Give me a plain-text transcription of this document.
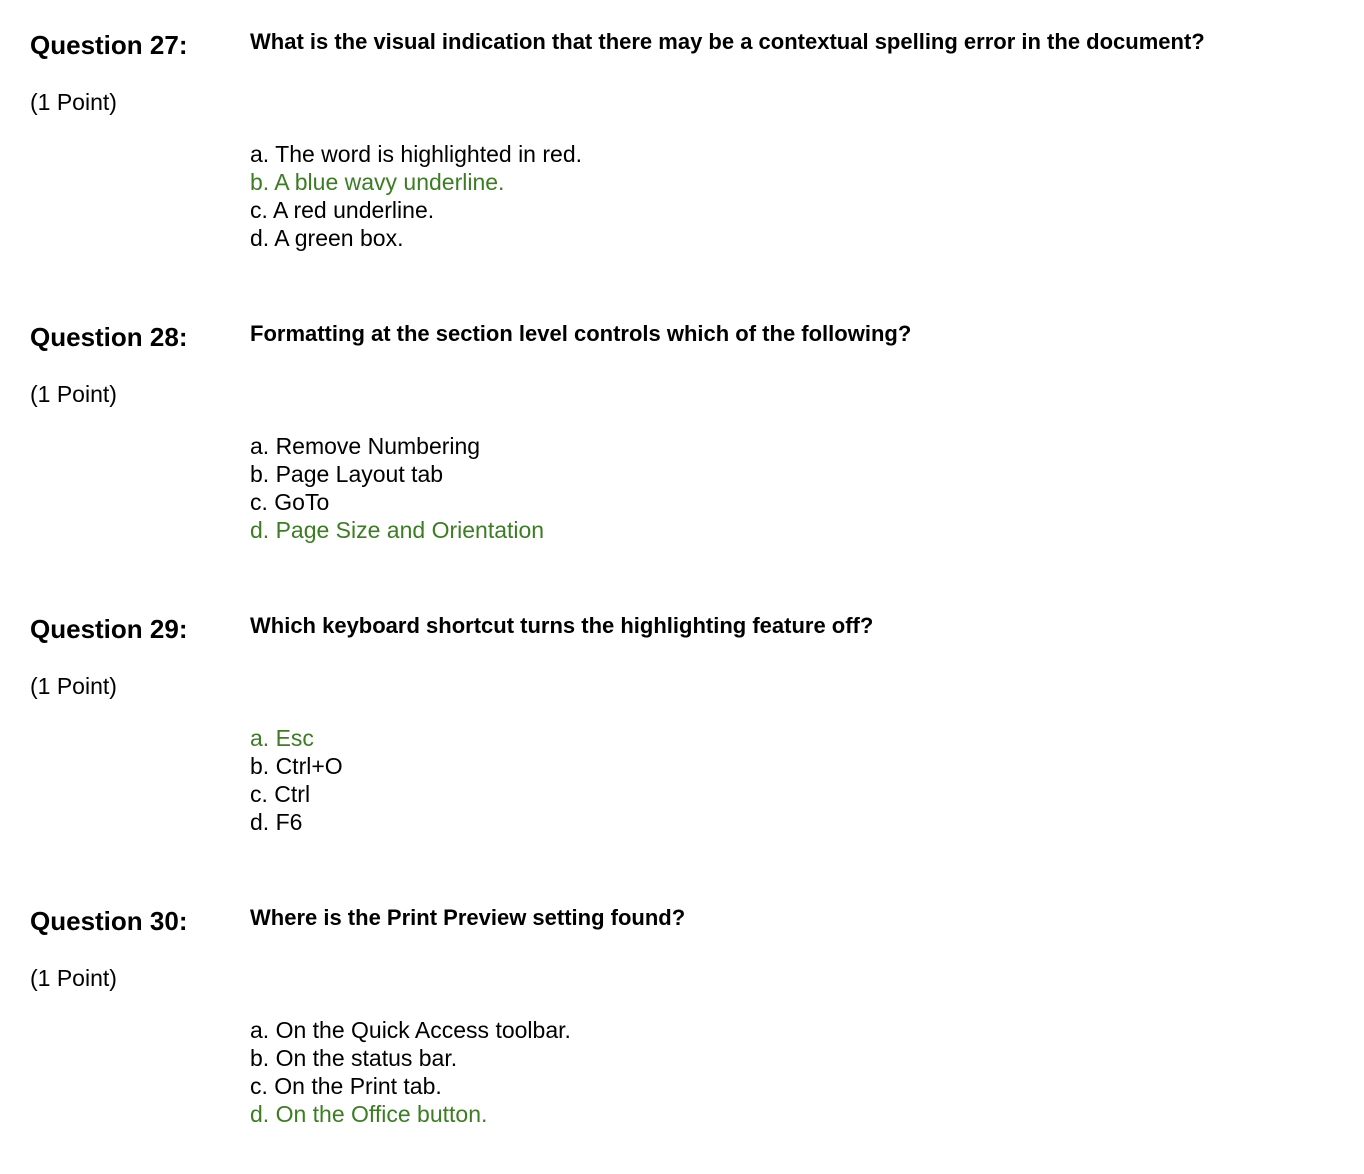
Question 27:	What is the visual indication that there may be a contextual spelling error in the document?
(1 Point)
a. The word is highlighted in red.
b. A blue wavy underline.
c. A red underline.
d. A green box.
Question 28:	Formatting at the section level controls which of the following?
(1 Point)
a. Remove Numbering
b. Page Layout tab
c. GoTo
d. Page Size and Orientation
Question 29:	Which keyboard shortcut turns the highlighting feature off?
(1 Point)
a. Esc
b. Ctrl+O
c. Ctrl
d. F6
Question 30:	Where is the Print Preview setting found?
(1 Point)
a. On the Quick Access toolbar.
b. On the status bar.
c. On the Print tab.
d. On the Office button.
